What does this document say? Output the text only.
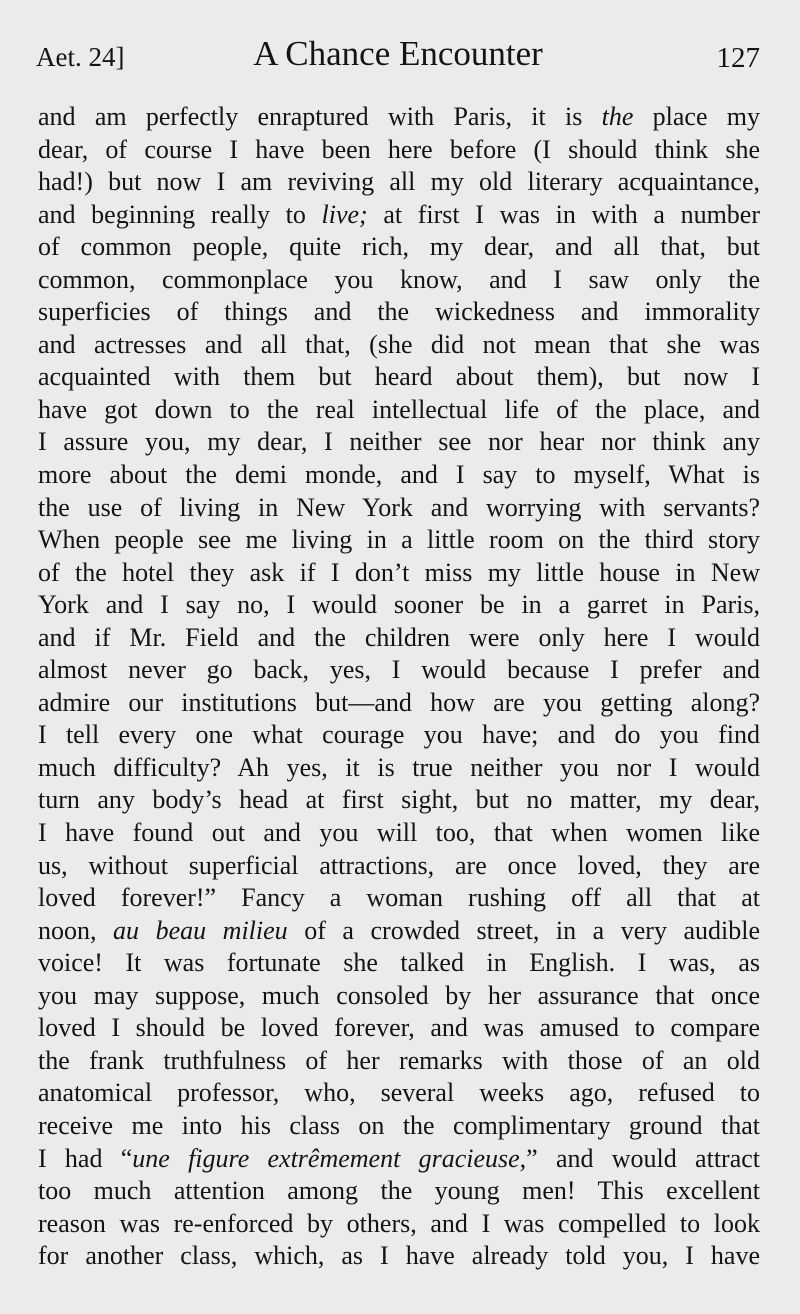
Aet. 24]	A Chance Encounter	127
and am perfectly enraptured with Paris, it is the place my
dear, of course I have been here before (I should think she
had!) but now I am reviving all my old literary acquaintance,
and beginning really to live; at first I was in with a number
of common people, quite rich, my dear, and all that, but
common, commonplace you know, and I saw only the
superficies of things and the wickedness and immorality
and actresses and all that, (she did not mean that she was
acquainted with them but heard about them), but now I
have got down to the real intellectual life of the place, and
I assure you, my dear, I neither see nor hear nor think any
more about the demi monde, and I say to myself, What is
the use of living in New York and worrying with servants?
When people see me living in a little room on the third story
of the hotel they ask if I don’t miss my little house in New
York and I say no, I would sooner be in a garret in Paris,
and if Mr. Field and the children were only here I would
almost never go back, yes, I would because I prefer and
admire our institutions but—and how are you getting along?
I tell every one what courage you have; and do you find
much difficulty? Ah yes, it is true neither you nor I would
turn any body’s head at first sight, but no matter, my dear,
I have found out and you will too, that when women like
us, without superficial attractions, are once loved, they are
loved forever!” Fancy a woman rushing off all that at
noon, au beau milieu of a crowded street, in a very audible
voice! It was fortunate she talked in English. I was, as
you may suppose, much consoled by her assurance that once
loved I should be loved forever, and was amused to compare
the frank truthfulness of her remarks with those of an old
anatomical professor, who, several weeks ago, refused to
receive me into his class on the complimentary ground that
I had “une figure extrêmement gracieuse,” and would attract
too much attention among the young men! This excellent
reason was re-enforced by others, and I was compelled to look
for another class, which, as I have already told you, I have
